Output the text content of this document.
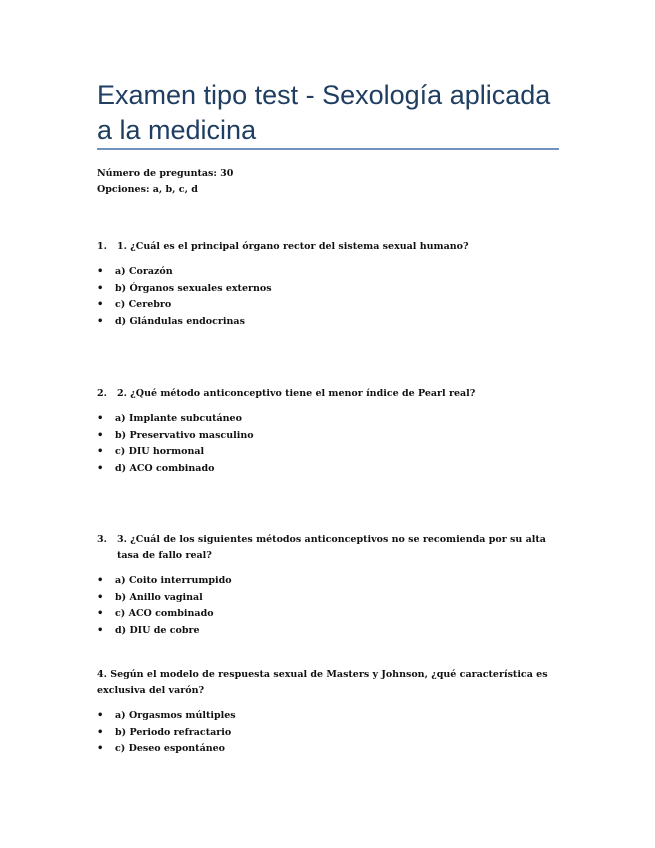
Examen tipo test - Sexología aplicada a la medicina
Número de preguntas: 30
Opciones: a, b, c, d
1. 1. ¿Cuál es el principal órgano rector del sistema sexual humano?
• a) Corazón
• b) Órganos sexuales externos
• c) Cerebro
• d) Glándulas endocrinas
2. 2. ¿Qué método anticonceptivo tiene el menor índice de Pearl real?
• a) Implante subcutáneo
• b) Preservativo masculino
• c) DIU hormonal
• d) ACO combinado
3. 3. ¿Cuál de los siguientes métodos anticonceptivos no se recomienda por su alta tasa de fallo real?
• a) Coito interrumpido
• b) Anillo vaginal
• c) ACO combinado
• d) DIU de cobre
4. Según el modelo de respuesta sexual de Masters y Johnson, ¿qué característica es exclusiva del varón?
• a) Orgasmos múltiples
• b) Periodo refractario
• c) Deseo espontáneo
